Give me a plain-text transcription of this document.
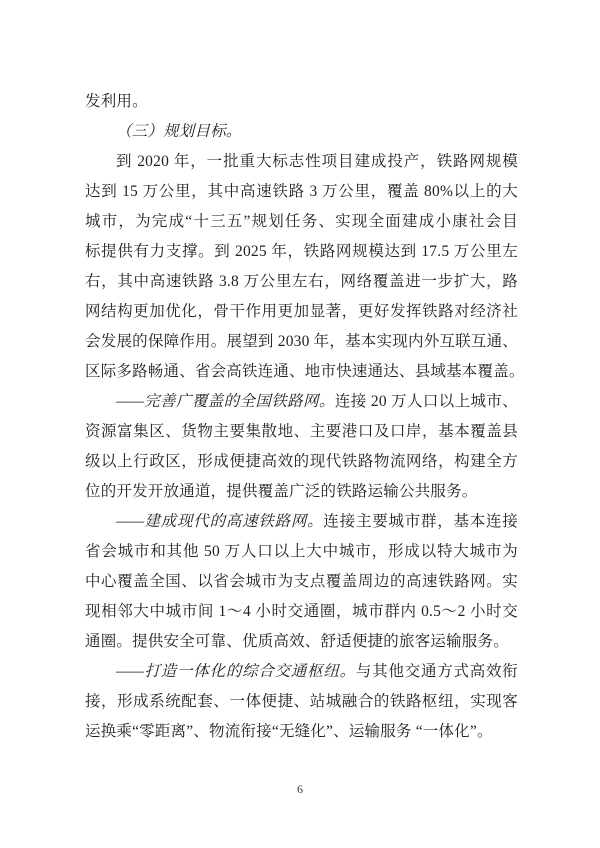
发利用。
（三）规划目标。
到 2020 年，一批重大标志性项目建成投产，铁路网规模
达到 15 万公里，其中高速铁路 3 万公里，覆盖 80%以上的大
城市，为完成“十三五”规划任务、实现全面建成小康社会目
标提供有力支撑。到 2025 年，铁路网规模达到 17.5 万公里左
右，其中高速铁路 3.8 万公里左右，网络覆盖进一步扩大，路
网结构更加优化，骨干作用更加显著，更好发挥铁路对经济社
会发展的保障作用。展望到 2030 年，基本实现内外互联互通、
区际多路畅通、省会高铁连通、地市快速通达、县域基本覆盖。
——完善广覆盖的全国铁路网。连接 20 万人口以上城市、
资源富集区、货物主要集散地、主要港口及口岸，基本覆盖县
级以上行政区，形成便捷高效的现代铁路物流网络，构建全方
位的开发开放通道，提供覆盖广泛的铁路运输公共服务。
——建成现代的高速铁路网。连接主要城市群，基本连接
省会城市和其他 50 万人口以上大中城市，形成以特大城市为
中心覆盖全国、以省会城市为支点覆盖周边的高速铁路网。实
现相邻大中城市间 1～4 小时交通圈，城市群内 0.5～2 小时交
通圈。提供安全可靠、优质高效、舒适便捷的旅客运输服务。
——打造一体化的综合交通枢纽。与其他交通方式高效衔
接，形成系统配套、一体便捷、站城融合的铁路枢纽，实现客
运换乘“零距离”、物流衔接“无缝化”、运输服务 “一体化”。
6
